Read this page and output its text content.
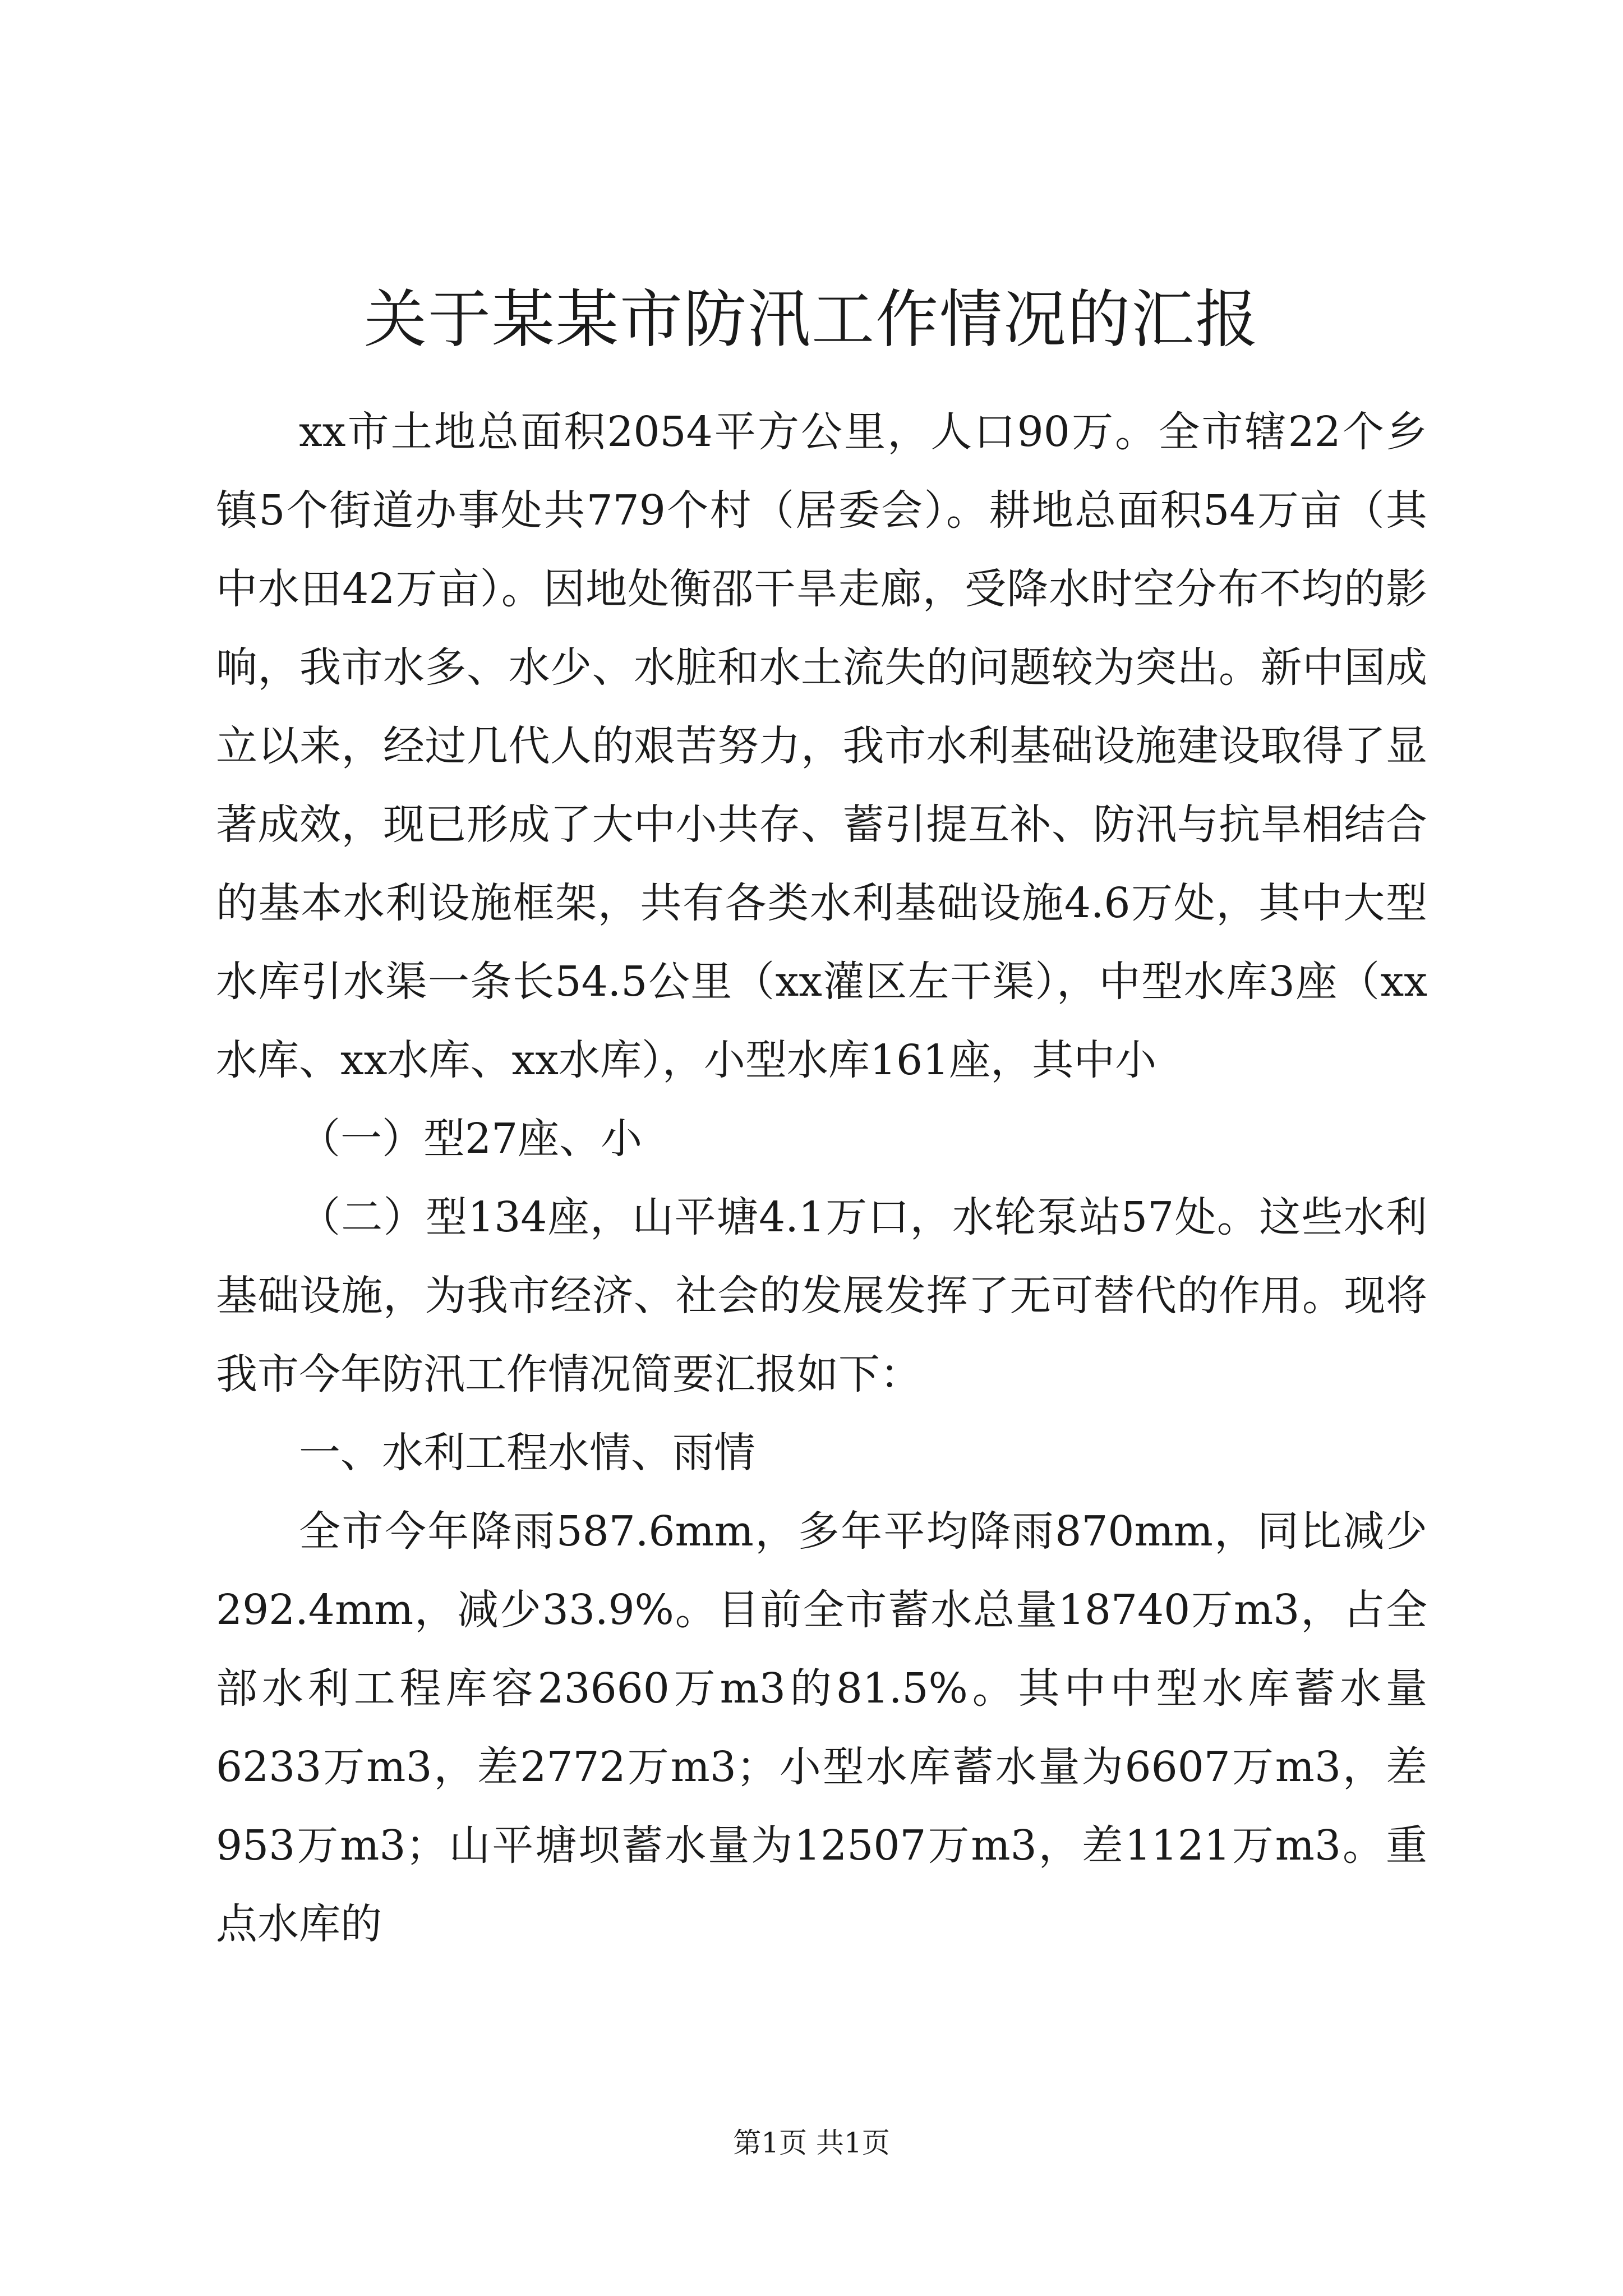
关于某某市防汛工作情况的汇报

xx市土地总面积2054平方公里，人口90万。全市辖22个乡镇5个街道办事处共779个村（居委会）。耕地总面积54万亩（其中水田42万亩）。因地处衡邵干旱走廊，受降水时空分布不均的影响，我市水多、水少、水脏和水土流失的问题较为突出。新中国成立以来，经过几代人的艰苦努力，我市水利基础设施建设取得了显著成效，现已形成了大中小共存、蓄引提互补、防汛与抗旱相结合的基本水利设施框架，共有各类水利基础设施4.6万处，其中大型水库引水渠一条长54.5公里（xx灌区左干渠），中型水库3座（xx水库、xx水库、xx水库），小型水库161座，其中小

（一）型27座、小

（二）型134座，山平塘4.1万口，水轮泵站57处。这些水利基础设施，为我市经济、社会的发展发挥了无可替代的作用。现将我市今年防汛工作情况简要汇报如下：

一、水利工程水情、雨情

全市今年降雨587.6mm，多年平均降雨870mm，同比减少292.4mm，减少33.9%。目前全市蓄水总量18740万m3，占全部水利工程库容23660万m3的81.5%。其中中型水库蓄水量6233万m3，差2772万m3；小型水库蓄水量为6607万m3，差953万m3；山平塘坝蓄水量为12507万m3，差1121万m3。重点水库的

第1页 共1页
